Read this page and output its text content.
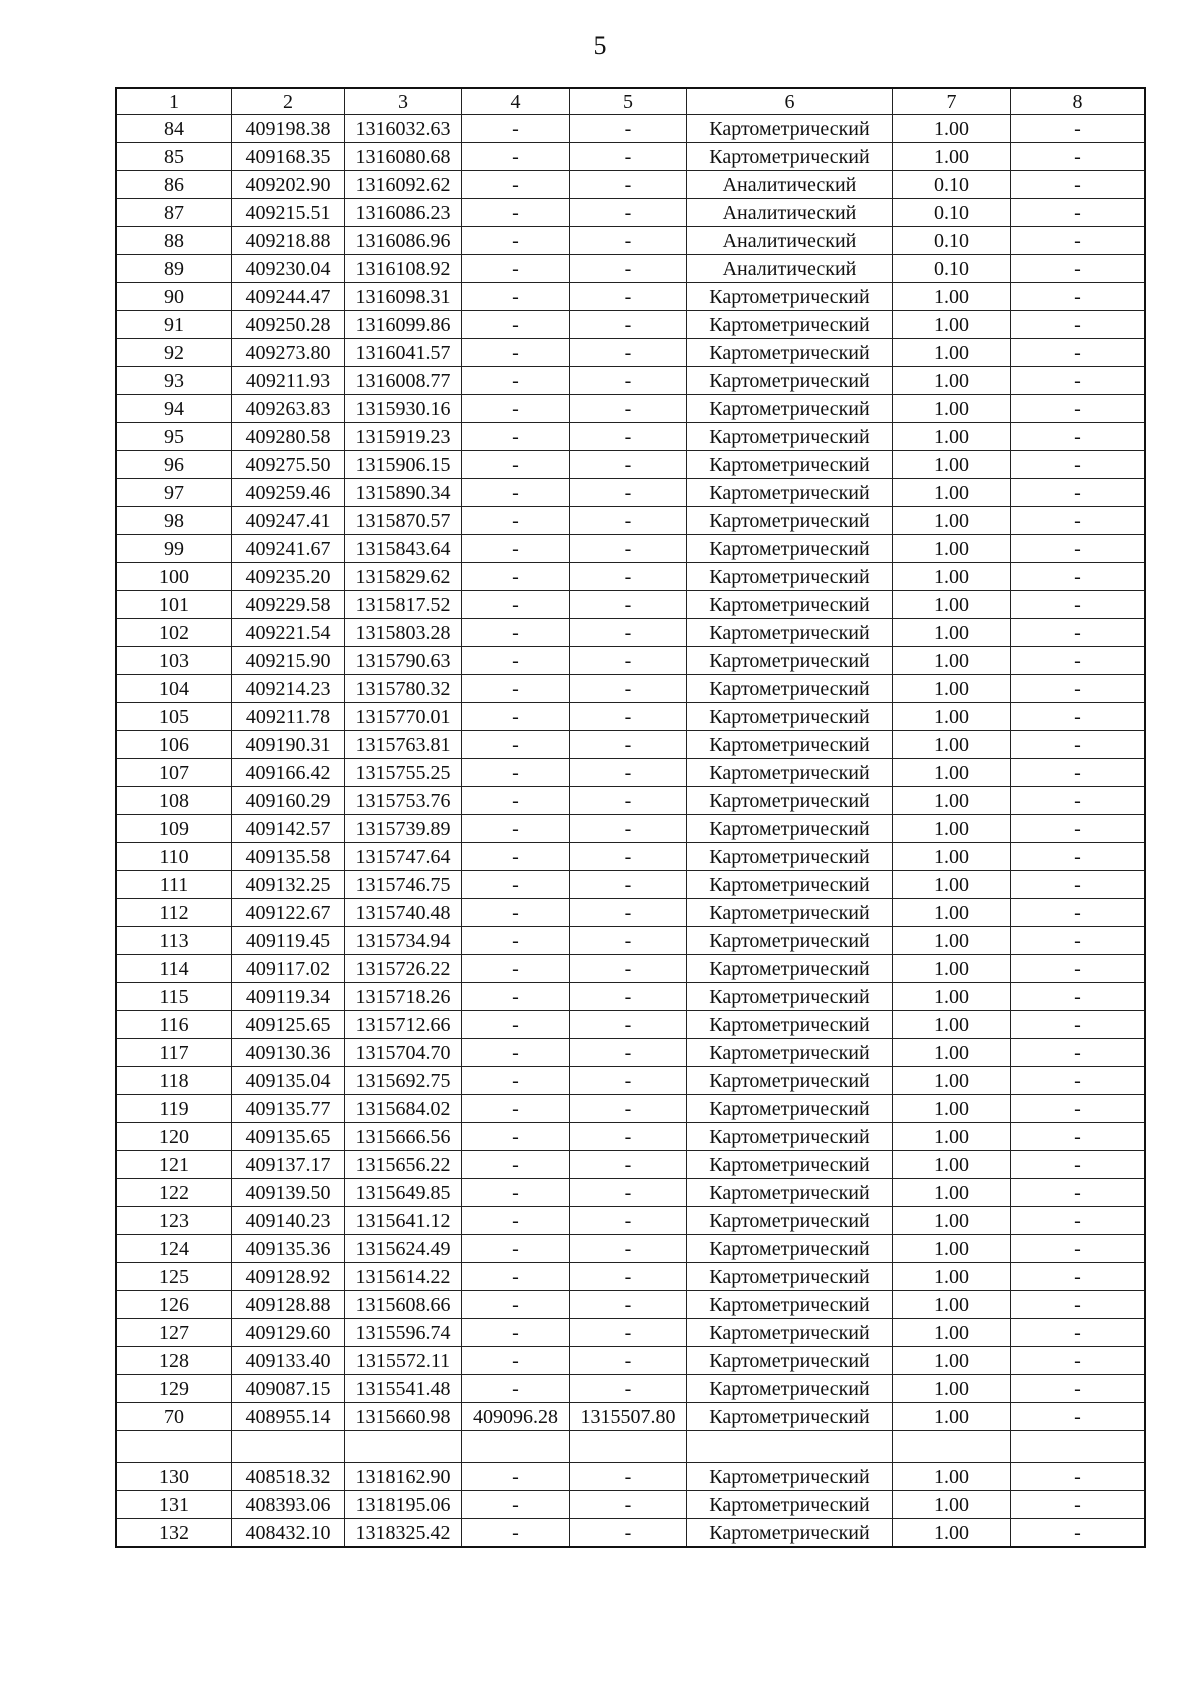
5
1	2	3	4	5	6	7	8
84	409198.38	1316032.63	-	-	Картометрический	1.00	-
85	409168.35	1316080.68	-	-	Картометрический	1.00	-
86	409202.90	1316092.62	-	-	Аналитический	0.10	-
87	409215.51	1316086.23	-	-	Аналитический	0.10	-
88	409218.88	1316086.96	-	-	Аналитический	0.10	-
89	409230.04	1316108.92	-	-	Аналитический	0.10	-
90	409244.47	1316098.31	-	-	Картометрический	1.00	-
91	409250.28	1316099.86	-	-	Картометрический	1.00	-
92	409273.80	1316041.57	-	-	Картометрический	1.00	-
93	409211.93	1316008.77	-	-	Картометрический	1.00	-
94	409263.83	1315930.16	-	-	Картометрический	1.00	-
95	409280.58	1315919.23	-	-	Картометрический	1.00	-
96	409275.50	1315906.15	-	-	Картометрический	1.00	-
97	409259.46	1315890.34	-	-	Картометрический	1.00	-
98	409247.41	1315870.57	-	-	Картометрический	1.00	-
99	409241.67	1315843.64	-	-	Картометрический	1.00	-
100	409235.20	1315829.62	-	-	Картометрический	1.00	-
101	409229.58	1315817.52	-	-	Картометрический	1.00	-
102	409221.54	1315803.28	-	-	Картометрический	1.00	-
103	409215.90	1315790.63	-	-	Картометрический	1.00	-
104	409214.23	1315780.32	-	-	Картометрический	1.00	-
105	409211.78	1315770.01	-	-	Картометрический	1.00	-
106	409190.31	1315763.81	-	-	Картометрический	1.00	-
107	409166.42	1315755.25	-	-	Картометрический	1.00	-
108	409160.29	1315753.76	-	-	Картометрический	1.00	-
109	409142.57	1315739.89	-	-	Картометрический	1.00	-
110	409135.58	1315747.64	-	-	Картометрический	1.00	-
111	409132.25	1315746.75	-	-	Картометрический	1.00	-
112	409122.67	1315740.48	-	-	Картометрический	1.00	-
113	409119.45	1315734.94	-	-	Картометрический	1.00	-
114	409117.02	1315726.22	-	-	Картометрический	1.00	-
115	409119.34	1315718.26	-	-	Картометрический	1.00	-
116	409125.65	1315712.66	-	-	Картометрический	1.00	-
117	409130.36	1315704.70	-	-	Картометрический	1.00	-
118	409135.04	1315692.75	-	-	Картометрический	1.00	-
119	409135.77	1315684.02	-	-	Картометрический	1.00	-
120	409135.65	1315666.56	-	-	Картометрический	1.00	-
121	409137.17	1315656.22	-	-	Картометрический	1.00	-
122	409139.50	1315649.85	-	-	Картометрический	1.00	-
123	409140.23	1315641.12	-	-	Картометрический	1.00	-
124	409135.36	1315624.49	-	-	Картометрический	1.00	-
125	409128.92	1315614.22	-	-	Картометрический	1.00	-
126	409128.88	1315608.66	-	-	Картометрический	1.00	-
127	409129.60	1315596.74	-	-	Картометрический	1.00	-
128	409133.40	1315572.11	-	-	Картометрический	1.00	-
129	409087.15	1315541.48	-	-	Картометрический	1.00	-
70	408955.14	1315660.98	409096.28	1315507.80	Картометрический	1.00	-

130	408518.32	1318162.90	-	-	Картометрический	1.00	-
131	408393.06	1318195.06	-	-	Картометрический	1.00	-
132	408432.10	1318325.42	-	-	Картометрический	1.00	-
